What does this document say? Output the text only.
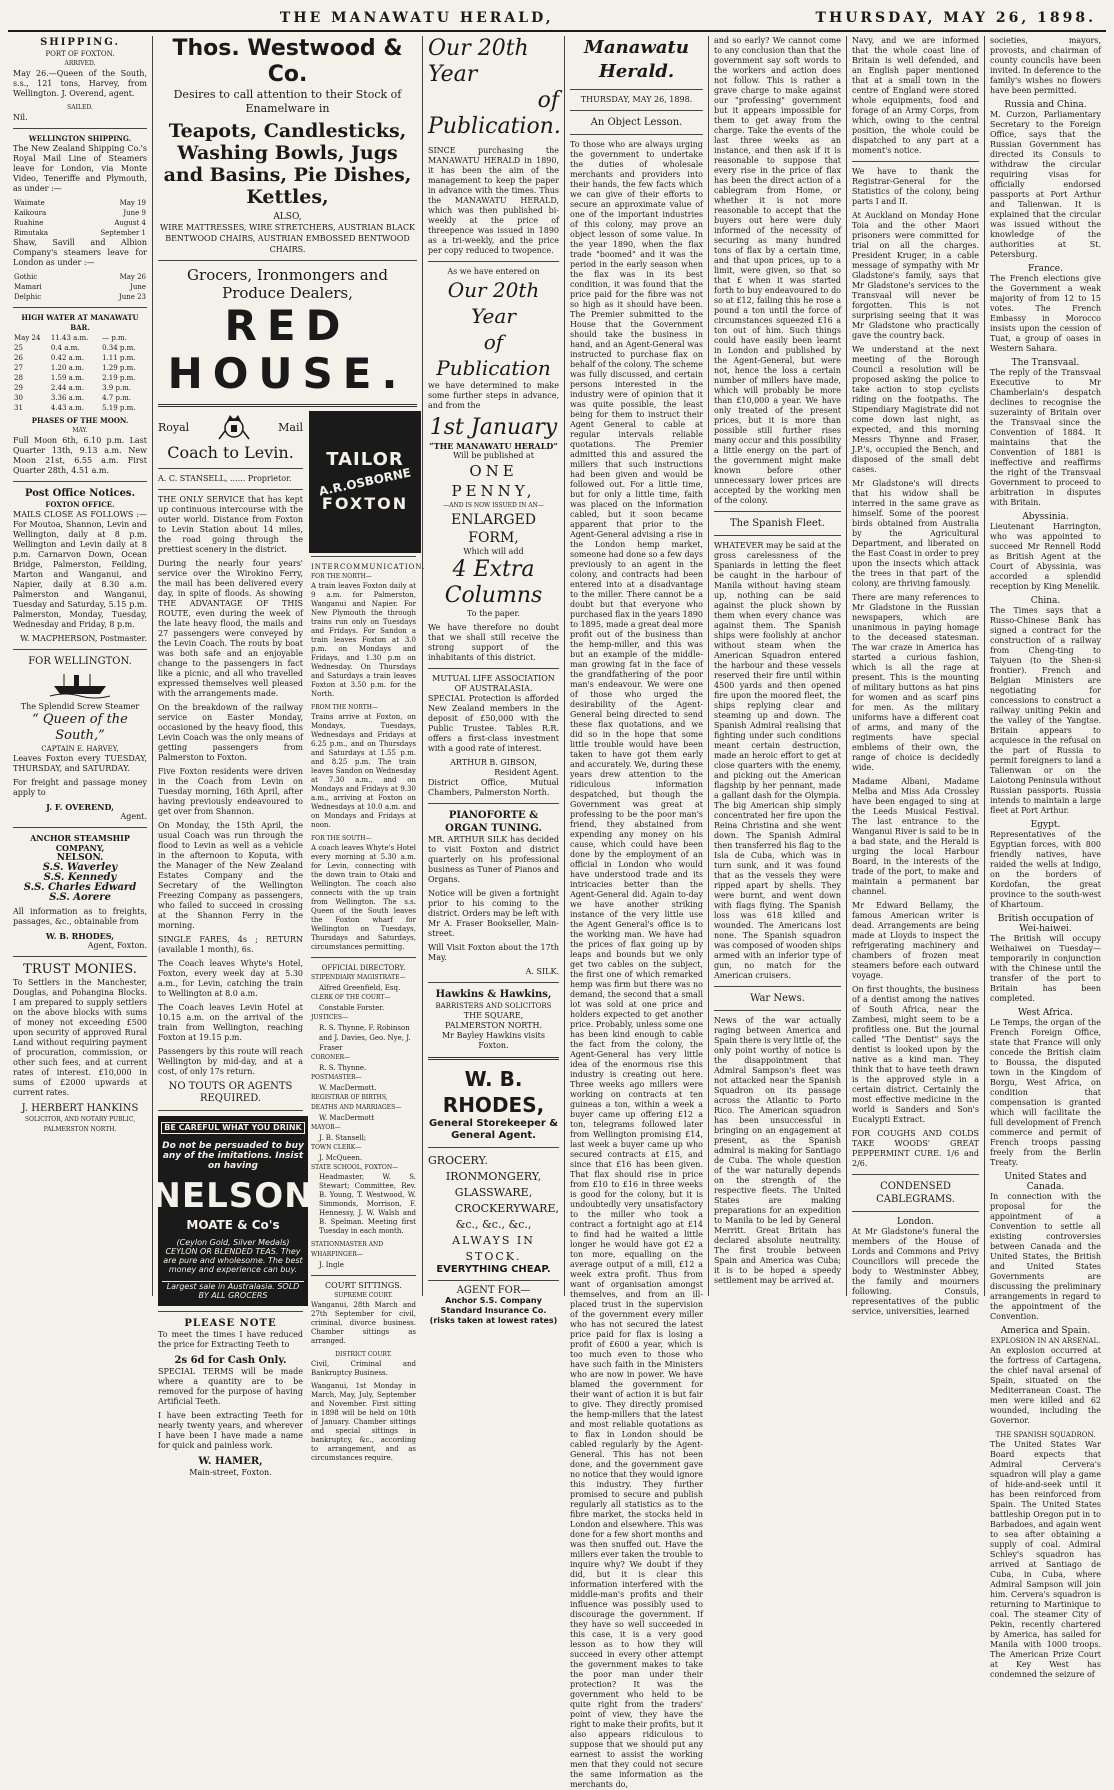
THE MANAWATU HERALD,	THURSDAY, MAY 26, 1898.
SHIPPING.
PORT OF FOXTON.
ARRIVED.

May 26.—Queen of the South, s.s., 121 tons, Harvey, from Wellington. J. Overend, agent.

SAILED.

Nil.

WELLINGTON SHIPPING.

The New Zealand Shipping Co.'s Royal Mail Line of Steamers leave for London, via Monte Video, Teneriffe and Plymouth, as under :—

Waimate	May 19
Kaikoura	June 9
Ruahine	August 4
Rimutaka	September 1

Shaw, Savill and Albion Company's steamers leave for London as under :—

Gothic	May 26
Mamari	June
Delphic	June 23
HIGH WATER AT MANAWATU BAR.
May 24	11.43 a.m.	— p.m.
25	0.4 a.m.	0.34 p.m.
26	0.42 a.m.	1.11 p.m.
27	1.20 a.m.	1.29 p.m.
28	1.59 a.m.	2.19 p.m.
29	2.44 a.m.	3.9 p.m.
30	3.36 a.m.	4.7 p.m.
31	4.43 a.m.	5.19 p.m.
PHASES OF THE MOON.
MAY.

Full Moon 6th, 6.10 p.m. Last Quarter 13th, 9.13 a.m. New Moon 21st, 6.55 a.m. First Quarter 28th, 4.51 a.m.

Post Office Notices.
FOXTON OFFICE.

MAILS CLOSE AS FOLLOWS :— For Moutoa, Shannon, Levin and Wellington, daily at 8 p.m. Wellington and Levin daily at 8 p.m. Carnarvon Down, Ocean Bridge, Palmerston, Feilding, Marton and Wanganui, and Napier, daily at 8.30 a.m. Palmerston and Wanganui, Tuesday and Saturday, 5.15 p.m. Palmerston, Monday, Tuesday, Wednesday and Friday, 8 p.m.

W. MACPHERSON, Postmaster.
FOR WELLINGTON.
The Splendid Screw Steamer
“ Queen of the South,”
CAPTAIN E. HARVEY,

Leaves Foxton every TUESDAY, THURSDAY, and SATURDAY.

For freight and passage money apply to

J. F. OVEREND,
Agent.
ANCHOR STEAMSHIP COMPANY,
NELSON.
S.S. Waverley
S.S. Kennedy
S.S. Charles Edward
S.S. Aorere

All information as to freights, passages, &c., obtainable from

W. B. RHODES,
Agent, Foxton.
TRUST MONIES.

To Settlers in the Manchester, Douglas, and Pohangina Blocks. I am prepared to supply settlers on the above blocks with sums of money not exceeding £500 upon security of approved Rural Land without requiring payment of procuration, commission, or other such fees, and at current rates of interest. £10,000 in sums of £2000 upwards at current rates.

J. HERBERT HANKINS
SOLICITOR, AND NOTARY PUBLIC, PALMERSTON NORTH.
Thos. Westwood & Co.
Desires to call attention to their Stock of Enamelware in
Teapots, Candlesticks, Washing Bowls, Jugs and Basins, Pie Dishes, Kettles,
ALSO,
WIRE MATTRESSES, WIRE STRETCHERS, AUSTRIAN BLACK BENTWOOD CHAIRS, AUSTRIAN EMBOSSED BENTWOOD CHAIRS.
Grocers, Ironmongers and Produce Dealers,
RED HOUSE.
Royal	Mail
Coach to Levin.
A. C. STANSELL, ...... Proprietor.

THE ONLY SERVICE that has kept up continuous intercourse with the outer world. Distance from Foxton to Levin Station about 14 miles, the road going through the prettiest scenery in the district.

During the nearly four years' service over the Wirokino Ferry, the mail has been delivered every day, in spite of floods. As showing THE ADVANTAGE OF THIS ROUTE, even during the week of the late heavy flood, the mails and 27 passengers were conveyed by the Levin Coach. The routs by boat was both safe and an enjoyable change to the passengers in fact like a picnic, and all who travelled expressed themselves well pleased with the arrangements made.

On the breakdown of the railway service on Easter Monday, occasioned by the heavy flood, this Levin Coach was the only means of getting passengers from Palmerston to Foxton.

Five Foxton residents were driven in the Coach from Levin on Tuesday morning, 16th April, after having previously endeavoured to get over from Shannon.

On Monday, the 15th April, the usual Coach was run through the flood to Levin as well as a vehicle in the afternoon to Koputa, with the Manager of the New Zealand Estates Company and the Secretary of the Wellington Freezing Company as passengers, who failed to succeed in crossing at the Shannon Ferry in the morning.

SINGLE FARES, 4s ; RETURN (available 1 month), 6s.

The Coach leaves Whyte's Hotel, Foxton, every week day at 5.30 a.m., for Levin, catching the train to Wellington at 8.0 a.m.

The Coach leaves Levin Hotel at 10.15 a.m. on the arrival of the train from Wellington, reaching Foxton at 19.15 p.m.

Passengers by this route will reach Wellington by mid-day, and at a cost, of only 17s return.

NO TOUTS OR AGENTS REQUIRED.
BE CAREFUL WHAT YOU DRINK
Do not be persuaded to buy any of the imitations. Insist on having
NELSON
MOATE & Co's
(Ceylon Gold, Silver Medals) CEYLON OR BLENDED TEAS. They are pure and wholesome. The best money and experience can buy.
Largest sale in Australasia. SOLD BY ALL GROCERS
PLEASE NOTE

To meet the times I have reduced the price for Extracting Teeth to

2s 6d for Cash Only.

SPECIAL TERMS will be made where a quantity are to be removed for the purpose of having Artificial Teeth.

I have been extracting Teeth for nearly twenty years, and wherever I have been I have made a name for quick and painless work.

W. HAMER,
Main-street, Foxton.
TAILOR
A.R.OSBORNE
FOXTON
INTERCOMMUNICATION.
FOR THE NORTH—

A train leaves Foxton daily at 9 a.m. for Palmerston, Wanganui and Napier. For New Plymouth the through trains run only on Tuesdays and Fridays. For Sandon a train leaves Foxton at 3.0 p.m. on Mondays and Fridays, and 1.30 p.m on Wednesday. On Thursdays and Saturdays a train leaves Foxton at 3.50 p.m. for the North.

FROM THE NORTH—

Trains arrive at Foxton, on Mondays, Tuesdays, Wednesdays and Fridays at 6.25 p.m., and on Thursdays and Saturdays at 1.55 p.m. and 8.25 p.m. The train leaves Sandon on Wednesday at 7.30 a.m., and on Mondays and Fridays at 9.30 a.m., arriving at Foxton on Wednesdays at 10.0 a.m. and on Mondays and Fridays at noon.

FOR THE SOUTH—

A coach leaves Whyte's Hotel every morning at 5.30 a.m. for Levin, connecting with the down train to Otaki and Wellington. The coach also connects with the up train from Wellington. The s.s. Queen of the South leaves the Foxton wharf for Wellington on Tuesdays, Thursdays and Saturdays, circumstances permitting.

OFFICIAL DIRECTORY.
STIPENDIARY MAGISTRATE—
Alfred Greenfield, Esq.
CLERK OF THE COURT—
Constable Forster.
JUSTICES—
R. S. Thynne, F. Robinson and J. Davies, Geo. Nye, J. Fraser
CORONER—
R. S. Thynne.
POSTMASTER—
W. MacDermott.
REGISTRAR OF BIRTHS, DEATHS AND MARRIAGES—
W. MacDermott
MAYOR—
J. B. Stansell;
TOWN CLERK—
J. McQueen.
STATE SCHOOL, FOXTON—

Headmaster, W. S. Stewart; Committee, Rev. B. Young, T. Westwood, W. Simmonds, Morrison, F. Hennessy, J. W. Walsh and B. Spelman. Meeting first Tuesday in each month.

STATIONMASTER AND WHARFINGER—
J. Ingle
COURT SITTINGS.
SUPREME COURT.

Wanganui, 28th March and 27th September for civil, criminal, divorce business. Chamber sittings as arranged.

DISTRICT COURT.

Civil, Criminal and Bankruptcy Business.

Wanganui, 1st Monday in March, May, July, September and November. First sitting in 1898 will be held on 10th of January. Chamber sittings and special sittings in bankruptcy, &c., according to arrangement, and as circumstances require.

Our 20th Year
of Publication.

SINCE purchasing the MANAWATU HERALD in 1890, it has been the aim of the management to keep the paper in advance with the times. Thus the MANAWATU HERALD, which was then published bi-weekly at the price of threepence was issued in 1890 as a tri-weekly, and the price per copy reduced to twopence.

As we have entered on
Our 20th Year
of Publication

we have determined to make some further steps in advance, and from the

1st January
“THE MANAWATU HERALD”
Will be published at
ONE PENNY,
—AND IS NOW ISSUED IN AN—
ENLARGED FORM,
Which will add
4 Extra Columns
To the paper.

We have therefore no doubt that we shall still receive the strong support of the inhabitants of this district.

MUTUAL LIFE ASSOCIATION OF AUSTRALASIA.

SPECIAL Protection is afforded New Zealand members in the deposit of £50,000 with the Public Trustee. Tables R.R. offers a first-class investment with a good rate of interest.

ARTHUR B. GIBSON,
Resident Agent.

District Office, Mutual Chambers, Palmerston North.

PIANOFORTE & ORGAN TUNING.

MR. ARTHUR SILK has decided to visit Foxton and district quarterly on his professional business as Tuner of Pianos and Organs.

Notice will be given a fortnight prior to his coming to the district. Orders may be left with Mr A. Fraser Bookseller, Main-street.

Will Visit Foxton about the 17th May.

A. SILK.
Hawkins & Hawkins,
BARRISTERS AND SOLICITORS
THE SQUARE,
PALMERSTON NORTH.
Mr Bayley Hawkins visits Foxton.
W. B. RHODES,
General Storekeeper & General Agent.
GROCERY.
IRONMONGERY,
GLASSWARE,
CROCKERYWARE,
&c., &c., &c.,
ALWAYS IN STOCK.
EVERYTHING CHEAP.
AGENT FOR—
Anchor S.S. Company Standard Insurance Co. (risks taken at lowest rates)
Manawatu Herald.
THURSDAY, MAY 26, 1898.
An Object Lesson.

To those who are always urging the government to undertake the duties of wholesale merchants and providers into their hands, the few facts which we can give of their efforts to secure an approximate value of one of the important industries of this colony, may prove an object lesson of some value. In the year 1890, when the flax trade "boomed" and it was the period in the early season when the flax was in its best condition, it was found that the price paid for the fibre was not so high as it should have been. The Premier submitted to the House that the Government should take the business in hand, and an Agent-General was instructed to purchase flax on behalf of the colony. The scheme was fully discussed, and certain persons interested in the industry were of opinion that it was quite possible, the least being for them to instruct their Agent General to cable at regular intervals reliable quotations. The Premier admitted this and assured the millers that such instructions had been given and would be followed out. For a little time, but for only a little time, faith was placed on the information cabled, but it soon became apparent that prior to the Agent-General advising a rise in the London hemp market, someone had done so a few days previously to an agent in the colony, and contracts had been entered into at a disadvantage to the miller. There cannot be a doubt but that everyone who purchased flax in the years 1890 to 1895, made a great deal more profit out of the business than the hemp-miller, and this was but an example of the middle-man growing fat in the face of the grandfathering of the poor man's endeavour. We were one of those who urged the desirability of the Agent-General being directed to send these flax quotations, and we did so in the hope that some little trouble would have been taken to have got them early and accurately. We, during these years drew attention to the ridiculous information despatched, but though the Government was great at professing to be the poor man's friend, they abstained from expending any money on his cause, which could have been done by the employment of an official in London who would have understood trade and its intricacies better than the Agent-General did. Again to-day we have another striking instance of the very little use the Agent General's office is to the working man. We have had the prices of flax going up by leaps and bounds but we only get two cables on the subject, the first one of which remarked hemp was firm but there was no demand, the second that a small lot was sold at one price and holders expected to get another price. Probably, unless some one has been kind enough to cable the fact from the colony, the Agent-General has very little idea of the enormous rise this industry is creating out here. Three weeks ago millers were working on contracts at ten guineas a ton, within a week a buyer came up offering £12 a ton, telegrams followed later from Wellington promising £14, last week a buyer came up who secured contracts at £15, and since that £16 has been given. That flax should rise in price from £10 to £16 in three weeks is good for the colony, but it is undoubtedly very unsatisfactory to the miller who took a contract a fortnight ago at £14 to find had he waited a little longer he would have got £2 a ton more, equalling on the average output of a mill, £12 a week extra profit. Thus from want of organisation amongst themselves, and from an ill-placed trust in the supervision of the government every miller who has not secured the latest price paid for flax is losing a profit of £600 a year, which is too much even to those who have such faith in the Ministers who are now in power. We have blamed the government for their want of action it is but fair to give. They directly promised the hemp-millers that the latest and most reliable quotations as to flax in London should be cabled regularly by the Agent-General. This has not been done, and the government gave no notice that they would ignore this industry. They further promised to secure and publish regularly all statistics as to the fibre market, the stocks held in London and elsewhere. This was done for a few short months and was then snuffed out. Have the millers ever taken the trouble to inquire why? We doubt if they did, but it is clear this information interfered with the middle-man's profits and their influence was possibly used to discourage the government. If they have so well succeeded in this case, it is a very good lesson as to how they will succeed in every other attempt the government makes to take the poor man under their protection? It was the government who held to be quite right from the traders' point of view, they have the right to make their profits, but it also appears ridiculous to suppose that we should put any earnest to assist the working men that they could not secure the same information as the merchants do,

and so early? We cannot come to any conclusion than that the government say soft words to the workers and action does not follow. This is rather a grave charge to make against our "professing" government but it appears impossible for them to get away from the charge. Take the events of the last three weeks as an instance, and then ask if it is reasonable to suppose that every rise in the price of flax has been the direct action of a cablegram from Home, or whether it is not more reasonable to accept that the buyers out here were duly informed of the necessity of securing as many hundred tons of flax by a certain time, and that upon prices, up to a limit, were given, so that so that £ when it was started forth to buy endeavoured to do so at £12, failing this he rose a pound a ton until the force of circumstances squeezed £16 a ton out of him. Such things could have easily been learnt in London and published by the Agent-General, but were not, hence the loss a certain number of millers have made, which will probably be more than £10,000 a year. We have only treated of the present prices, but it is more than possible still further rises many occur and this possibility a little energy on the part of the government might make known before other unnecessary lower prices are accepted by the working men of the colony.

The Spanish Fleet.

WHATEVER may be said at the gross carelessness of the Spaniards in letting the fleet be caught in the harbour of Manila without having steam up, nothing can be said against the pluck shown by them when every chance was against them. The Spanish ships were foolishly at anchor without steam when the American Squadron entered the harbour and these vessels reserved their fire until within 4500 yards and then opened fire upon the moored fleet, the ships replying clear and steaming up and down. The Spanish Admiral realising that fighting under such conditions meant certain destruction, made an heroic effort to get at close quarters with the enemy, and picking out the American flagship by her pennant, made a gallant dash for the Olympia. The big American ship simply concentrated her fire upon the Reina Christina and she went down. The Spanish Admiral then transferred his flag to the Isla de Cuba, which was in turn sunk, and it was found that as the vessels they were ripped apart by shells. They were burnt, and went down with flags flying. The Spanish loss was 618 killed and wounded. The Americans lost none. The Spanish squadron was composed of wooden ships armed with an inferior type of gun, no match for the American cruisers.

War News.

News of the war actually raging between America and Spain there is very little of, the only point worthy of notice is the disappointment that Admiral Sampson's fleet was not attacked near the Spanish Squadron on its passage across the Atlantic to Porto Rico. The American squadron has been unsuccessful in bringing on an engagement at present, as the Spanish admiral is making for Santiago de Cuba. The whole question of the war naturally depends on the strength of the respective fleets. The United States are making preparations for an expedition to Manila to be led by General Merritt. Great Britain has declared absolute neutrality. The first trouble between Spain and America was Cuba; it is to be hoped a speedy settlement may be arrived at.

Navy, and we are informed that the whole coast line of Britain is well defended, and an English paper mentioned that at a small town in the centre of England were stored whole equipments, food and forage of an Army Corps, from which, owing to the central position, the whole could be dispatched to any part at a moment's notice.

We have to thank the Registrar-General for the Statistics of the colony, being parts I and II.

At Auckland on Monday Hone Toia and the other Maori prisoners were committed for trial on all the charges. President Kruger, in a cable message of sympathy with Mr Gladstone's family, says that Mr Gladstone's services to the Transvaal will never be forgotten. This is not surprising seeing that it was Mr Gladstone who practically gave the country back.

We understand at the next meeting of the Borough Council a resolution will be proposed asking the police to take action to stop cyclists riding on the footpaths. The Stipendiary Magistrate did not come down last night, as expected, and this morning Messrs Thynne and Fraser, J.P.'s, occupied the Bench, and disposed of the small debt cases.

Mr Gladstone's will directs that his widow shall be interred in the same grave as himself. Some of the poorest birds obtained from Australia by the Agricultural Department, and liberated on the East Coast in order to prey upon the insects which attack the trees in that part of the colony, are thriving famously.

There are many references to Mr Gladstone in the Russian newspapers, which are unanimous in paying homage to the deceased statesman. The war craze in America has started a curious fashion, which is all the rage at present. This is the mounting of military buttons as hat pins for women and as scarf pins for men. As the military uniforms have a different coat of arms, and many of the regiments have special emblems of their own, the range of choice is decidedly wide.

Madame Albani, Madame Melba and Miss Ada Crossley have been engaged to sing at the Leeds Musical Festival. The last entrance to the Wanganui River is said to be in a bad state, and the Herald is urging the local Harbour Board, in the interests of the trade of the port, to make and maintain a permanent bar channel.

Mr Edward Bellamy, the famous American writer is dead. Arrangements are being made at Lloyds to inspect the refrigerating machinery and chambers of frozen meat steamers before each outward voyage.

On first thoughts, the business of a dentist among the natives of South Africa, near the Zambesi, might seem to be a profitless one. But the journal called "The Dentist" says the dentist is looked upon by the native as a kind man. They think that to have teeth drawn is the approved style in a certain district. Certainly the most effective medicine in the world is Sanders and Son's Eucalypti Extract.

FOR COUGHS AND COLDS TAKE WOODS' GREAT PEPPERMINT CURE. 1/6 and 2/6.

CONDENSED CABLEGRAMS.
London.

At Mr Gladstone's funeral the members of the House of Lords and Commons and Privy Councillors will precede the body to Westminster Abbey, the family and mourners following. Consuls, representatives of the public service, universities, learned

societies, mayors, provosts, and chairman of county councils have been invited. In deference to the family's wishes no flowers have been permitted.

Russia and China.

M. Curzon, Parliamentary Secretary to the Foreign Office, says that the Russian Government has directed its Consuls to withdraw the circular requiring visas for officially endorsed passports at Port Arthur and Talienwan. It is explained that the circular was issued without the knowledge of the authorities at St. Petersburg.

France.

The French elections give the Government a weak majority of from 12 to 15 votes. The French Embassy in Morocco insists upon the cession of Tuat, a group of oases in Western Sahara.

The Transvaal.

The reply of the Transvaal Executive to Mr Chamberlain's despatch declines to recognise the suzerainty of Britain over the Transvaal since the Convention of 1884. It maintains that the Convention of 1881 is ineffective and reaffirms the right of the Transvaal Government to proceed to arbitration in disputes with Britain.

Abyssinia.

Lieutenant Harrington, who was appointed to succeed Mr Rennell Rodd as British Agent at the Court of Abyssinia, was accorded a splendid reception by King Menelik.

China.

The Times says that a Russo-Chinese Bank has signed a contract for the construction of a railway from Cheng-ting to Taiyuen (to the Shen-si frontier). French and Belgian Ministers are negotiating for concessions to construct a railway uniting Pekin and the valley of the Yangtse. Britain appears to acquiesce in the refusal on the part of Russia to permit foreigners to land a Talienwan or on the Laiotong Peninsula without Russian passports. Russia intends to maintain a large fleet at Port Arthur.

Egypt.

Representatives of the Egyptian forces, with 800 friendly natives, have raided the wells at Indigo, on the borders of Kordofan, the great province to the south-west of Khartoum.

British occupation of Wei-haiwei.

The British will occupy Weihaiwei on Tuesday—temporarily in conjunction with the Chinese until the transfer of the port to Britain has been completed.

West Africa.

Le Temps, the organ of the French Foreign Office, state that France will only concede the British claim to Boussa, the disputed town in the Kingdom of Borgu, West Africa, on condition that compensation is granted which will facilitate the full development of French commerce and permit of French troops passing freely from the Berlin Treaty.

United States and Canada.

In connection with the proposal for the appointment of a Convention to settle all existing controversies between Canada and the United States, the British and United States Governments are discussing the preliminary arrangements in regard to the appointment of the Convention.

America and Spain.
EXPLOSION IN AN ARSENAL.

An explosion occurred at the fortress of Cartagena, the chief naval arsenal of Spain, situated on the Mediterranean Coast. The men were killed and 62 wounded, including the Governor.

THE SPANISH SQUADRON.

The United States War Board expects that Admiral Cervera's squadron will play a game of hide-and-seek until it has been reinforced from Spain. The United States battleship Oregon put in to Barbadoes, and again went to sea after obtaining a supply of coal. Admiral Schley's squadron has arrived at Santiago de Cuba, in Cuba, where Admiral Sampson will join him. Cervera's squadron is returning to Martinique to coal. The steamer City of Pekin, recently chartered by America, has sailed for Manila with 1000 troops. The American Prize Court at Key West has condemned the seizure of
